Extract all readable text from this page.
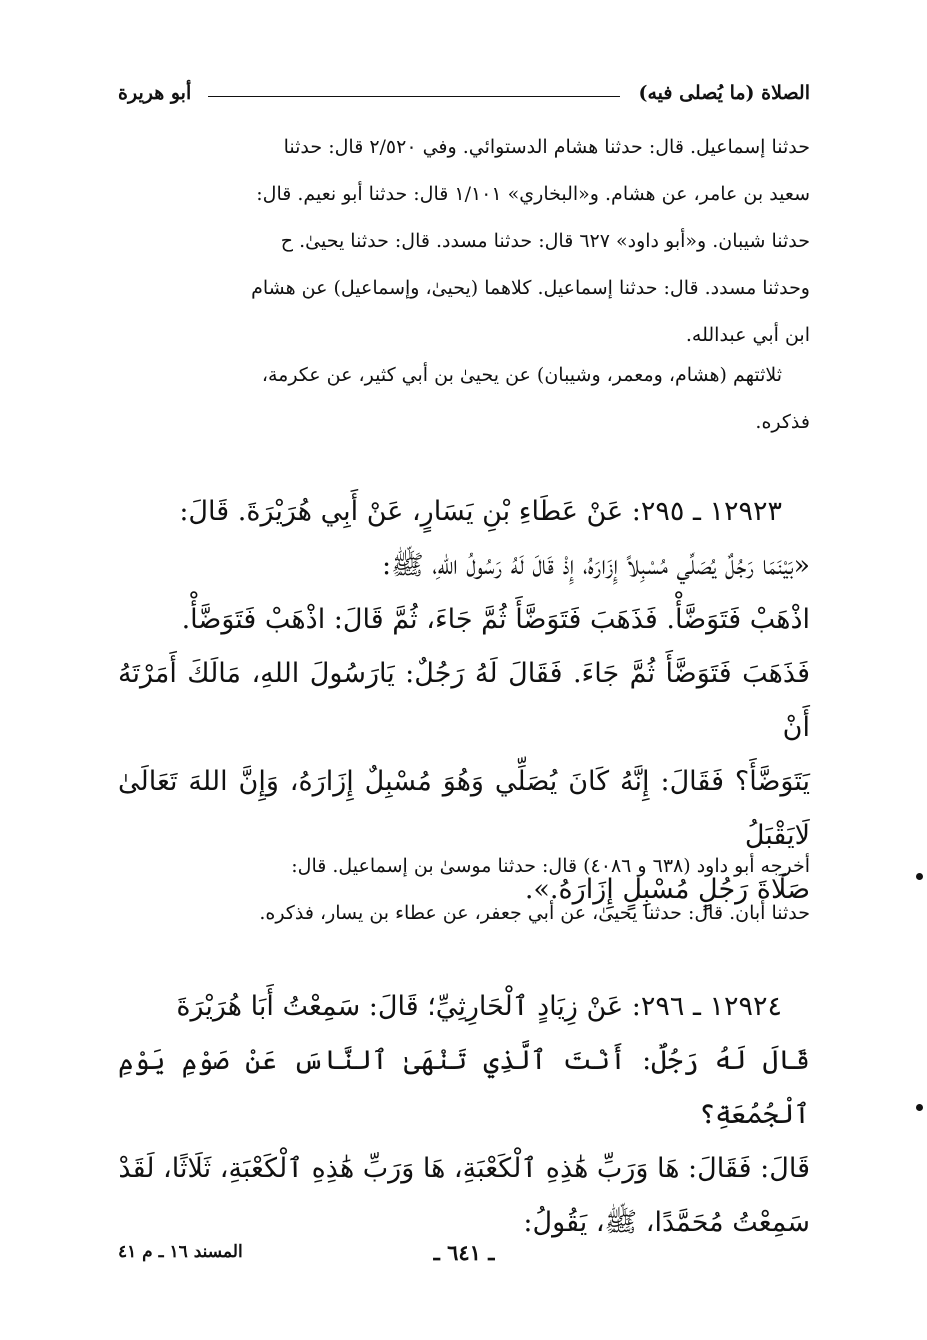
الصلاة (ما يُصلى فيه)
أبو هريرة

حدثنا إسماعيل. قال: حدثنا هشام الدستوائي. وفي ٢/٥٢٠ قال: حدثنا

سعيد بن عامر، عن هشام. و«البخاري» ١/١٠١ قال: حدثنا أبو نعيم. قال:

حدثنا شيبان. و«أبو داود» ٦٢٧ قال: حدثنا مسدد. قال: حدثنا يحيىٰ. ح

وحدثنا مسدد. قال: حدثنا إسماعيل. كلاهما (يحيىٰ، وإسماعيل) عن هشام

ابن أبي عبدالله.

ثلاثتهم (هشام، ومعمر، وشيبان) عن يحيىٰ بن أبي كثير، عن عكرمة،

فذكره.

١٢٩٢٣ ـ ٢٩٥: عَنْ عَطَاءِ بْنِ يَسَارٍ، عَنْ أَبِي هُرَيْرَةَ. قَالَ:

«بَيْنَمَا رَجُلٌ يُصَلِّي مُسْبِلاً إِزَارَهُ، إِذْ قَالَ لَهُ رَسُولُ اللهِ، ﷺ:

اذْهَبْ فَتَوَضَّأْ. فَذَهَبَ فَتَوَضَّأَ ثُمَّ جَاءَ، ثُمَّ قَالَ: اذْهَبْ فَتَوَضَّأْ.

فَذَهَبَ فَتَوَضَّأَ ثُمَّ جَاءَ. فَقَالَ لَهُ رَجُلٌ: يَارَسُولَ اللهِ، مَالَكَ أَمَرْتَهُ أَنْ

يَتَوَضَّأَ؟ فَقَالَ: إِنَّهُ كَانَ يُصَلِّي وَهُوَ مُسْبِلٌ إِزَارَهُ، وَإِنَّ اللهَ تَعَالَىٰ لَايَقْبَلُ

صَلَاةَ رَجُلٍ مُسْبِلٍ إِزَارَهُ.».

أخرجه أبو داود (٦٣٨ و ٤٠٨٦) قال: حدثنا موسىٰ بن إسماعيل. قال:

حدثنا أبان. قال: حدثنا يحيىٰ، عن أبي جعفر، عن عطاء بن يسار، فذكره.

١٢٩٢٤ ـ ٢٩٦: عَنْ زِيَادٍ ٱلْحَارِثِيِّ؛ قَالَ: سَمِعْتُ أَبَا هُرَيْرَةَ

قَالَ لَهُ رَجُلٌ: أَنْتَ ٱلَّذِي تَنْهَىٰ ٱلنَّاسَ عَنْ صَوْمِ يَوْمِ ٱلْجُمُعَةِ؟

قَالَ: فَقَالَ: هَا وَرَبِّ هَٰذِهِ ٱلْكَعْبَةِ، هَا وَرَبِّ هَٰذِهِ ٱلْكَعْبَةِ، ثَلَاثًا، لَقَدْ

سَمِعْتُ مُحَمَّدًا، ﷺ، يَقُولُ:

ـ ٦٤١ ـ
المسند ١٦ ـ م ٤١
